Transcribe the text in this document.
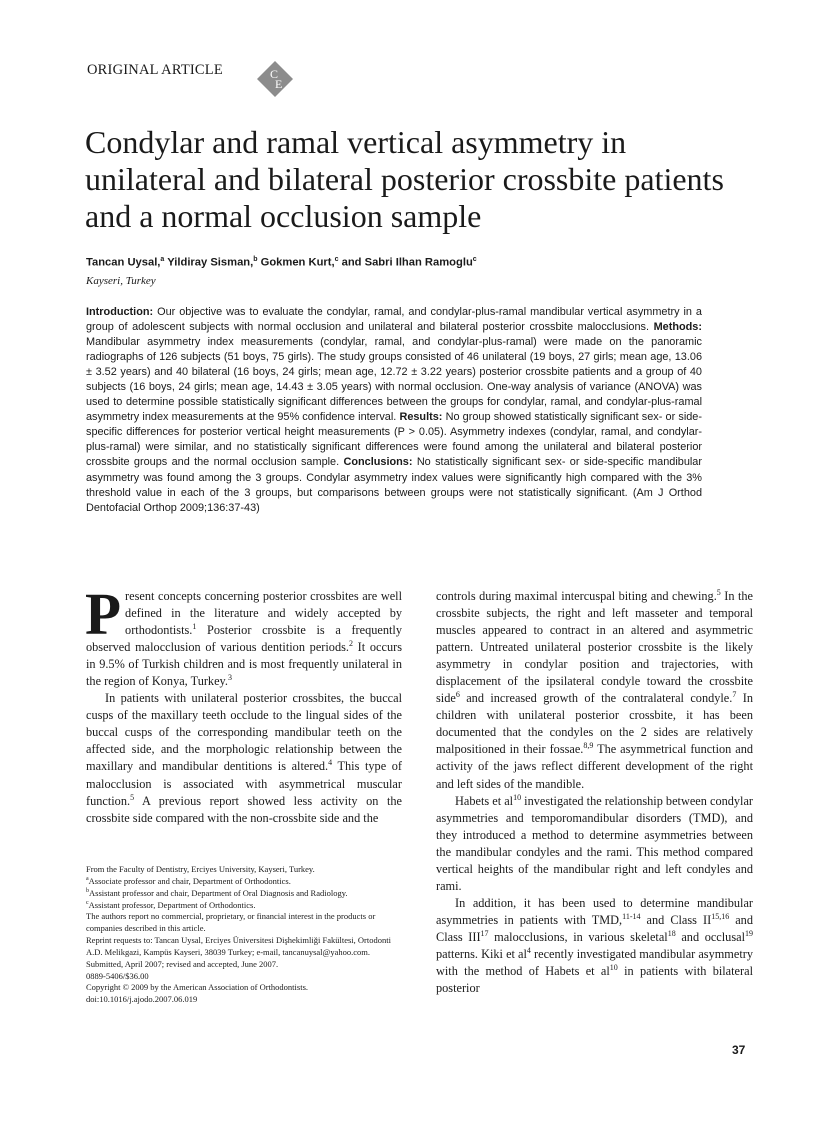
ORIGINAL ARTICLE	C
E
Condylar and ramal vertical asymmetry in unilateral and bilateral posterior crossbite patients and a normal occlusion sample
Tancan Uysal,$^a$ Yildiray Sisman,$^b$ Gokmen Kurt,$^c$ and Sabri Ilhan Ramoglu$^c$
Kayseri, Turkey

Introduction: Our objective was to evaluate the condylar, ramal, and condylar-plus-ramal mandibular vertical asymmetry in a group of adolescent subjects with normal occlusion and unilateral and bilateral posterior crossbite malocclusions. Methods: Mandibular asymmetry index measurements (condylar, ramal, and condylar-plus-ramal) were made on the panoramic radiographs of 126 subjects (51 boys, 75 girls). The study groups consisted of 46 unilateral (19 boys, 27 girls; mean age, 13.06 ± 3.52 years) and 40 bilateral (16 boys, 24 girls; mean age, 12.72 ± 3.22 years) posterior crossbite patients and a group of 40 subjects (16 boys, 24 girls; mean age, 14.43 ± 3.05 years) with normal occlusion. One-way analysis of variance (ANOVA) was used to determine possible statistically significant differences between the groups for condylar, ramal, and condylar-plus-ramal asymmetry index measurements at the 95% confidence interval. Results: No group showed statistically significant sex- or side-specific differences for posterior vertical height measurements (P > 0.05). Asymmetry indexes (condylar, ramal, and condylar-plus-ramal) were similar, and no statistically significant differences were found among the unilateral and bilateral posterior crossbite groups and the normal occlusion sample. Conclusions: No statistically significant sex- or side-specific mandibular asymmetry was found among the 3 groups. Condylar asymmetry index values were significantly high compared with the 3% threshold value in each of the 3 groups, but comparisons between groups were not statistically significant. (Am J Orthod Dentofacial Orthop 2009;136:37-43)

Present concepts concerning posterior crossbites are well defined in the literature and widely accepted by orthodontists.$^1$ Posterior crossbite is a frequently observed malocclusion of various dentition periods.$^2$ It occurs in 9.5% of Turkish children and is most frequently unilateral in the region of Konya, Turkey.$^3$

In patients with unilateral posterior crossbites, the buccal cusps of the maxillary teeth occlude to the lingual sides of the buccal cusps of the corresponding mandibular teeth on the affected side, and the morphologic relationship between the maxillary and mandibular dentitions is altered.$^4$ This type of malocclusion is associated with asymmetrical muscular function.$^5$ A previous report showed less activity on the crossbite side compared with the non-crossbite side and the

controls during maximal intercuspal biting and chewing.$^5$ In the crossbite subjects, the right and left masseter and temporal muscles appeared to contract in an altered and asymmetric pattern. Untreated unilateral posterior crossbite is the likely asymmetry in condylar position and trajectories, with displacement of the ipsilateral condyle toward the crossbite side$^6$ and increased growth of the contralateral condyle.$^7$ In children with unilateral posterior crossbite, it has been documented that the condyles on the 2 sides are relatively malpositioned in their fossae.$^{8,9}$ The asymmetrical function and activity of the jaws reflect different development of the right and left sides of the mandible.

Habets et $al^{10}$ investigated the relationship between condylar asymmetries and temporomandibular disorders (TMD), and they introduced a method to determine asymmetries between the mandibular condyles and the rami. This method compared vertical heights of the mandibular right and left condyles and rami.

In addition, it has been used to determine mandibular asymmetries in patients with TMD,$^{11-14}$ and Class II$^{15,16}$ and Class III$^{17}$ malocclusions, in various skeletal$^{18}$ and occlusal$^{19}$ patterns. Kiki et $al^4$ recently investigated mandibular asymmetry with the method of Habets et $al^{10}$ in patients with bilateral posterior

From the Faculty of Dentistry, Erciyes University, Kayseri, Turkey.
$^a$Associate professor and chair, Department of Orthodontics.
$^b$Assistant professor and chair, Department of Oral Diagnosis and Radiology.
$^c$Assistant professor, Department of Orthodontics.
The authors report no commercial, proprietary, or financial interest in the products or companies described in this article.
Reprint requests to: Tancan Uysal, Erciyes Üniversitesi Dişhekimliği Fakültesi, Ortodonti A.D. Melikgazi, Kampüs Kayseri, 38039 Turkey; e-mail, tancanuysal@yahoo.com.
Submitted, April 2007; revised and accepted, June 2007.
0889-5406/$36.00
Copyright © 2009 by the American Association of Orthodontists.
doi:10.1016/j.ajodo.2007.06.019
37
